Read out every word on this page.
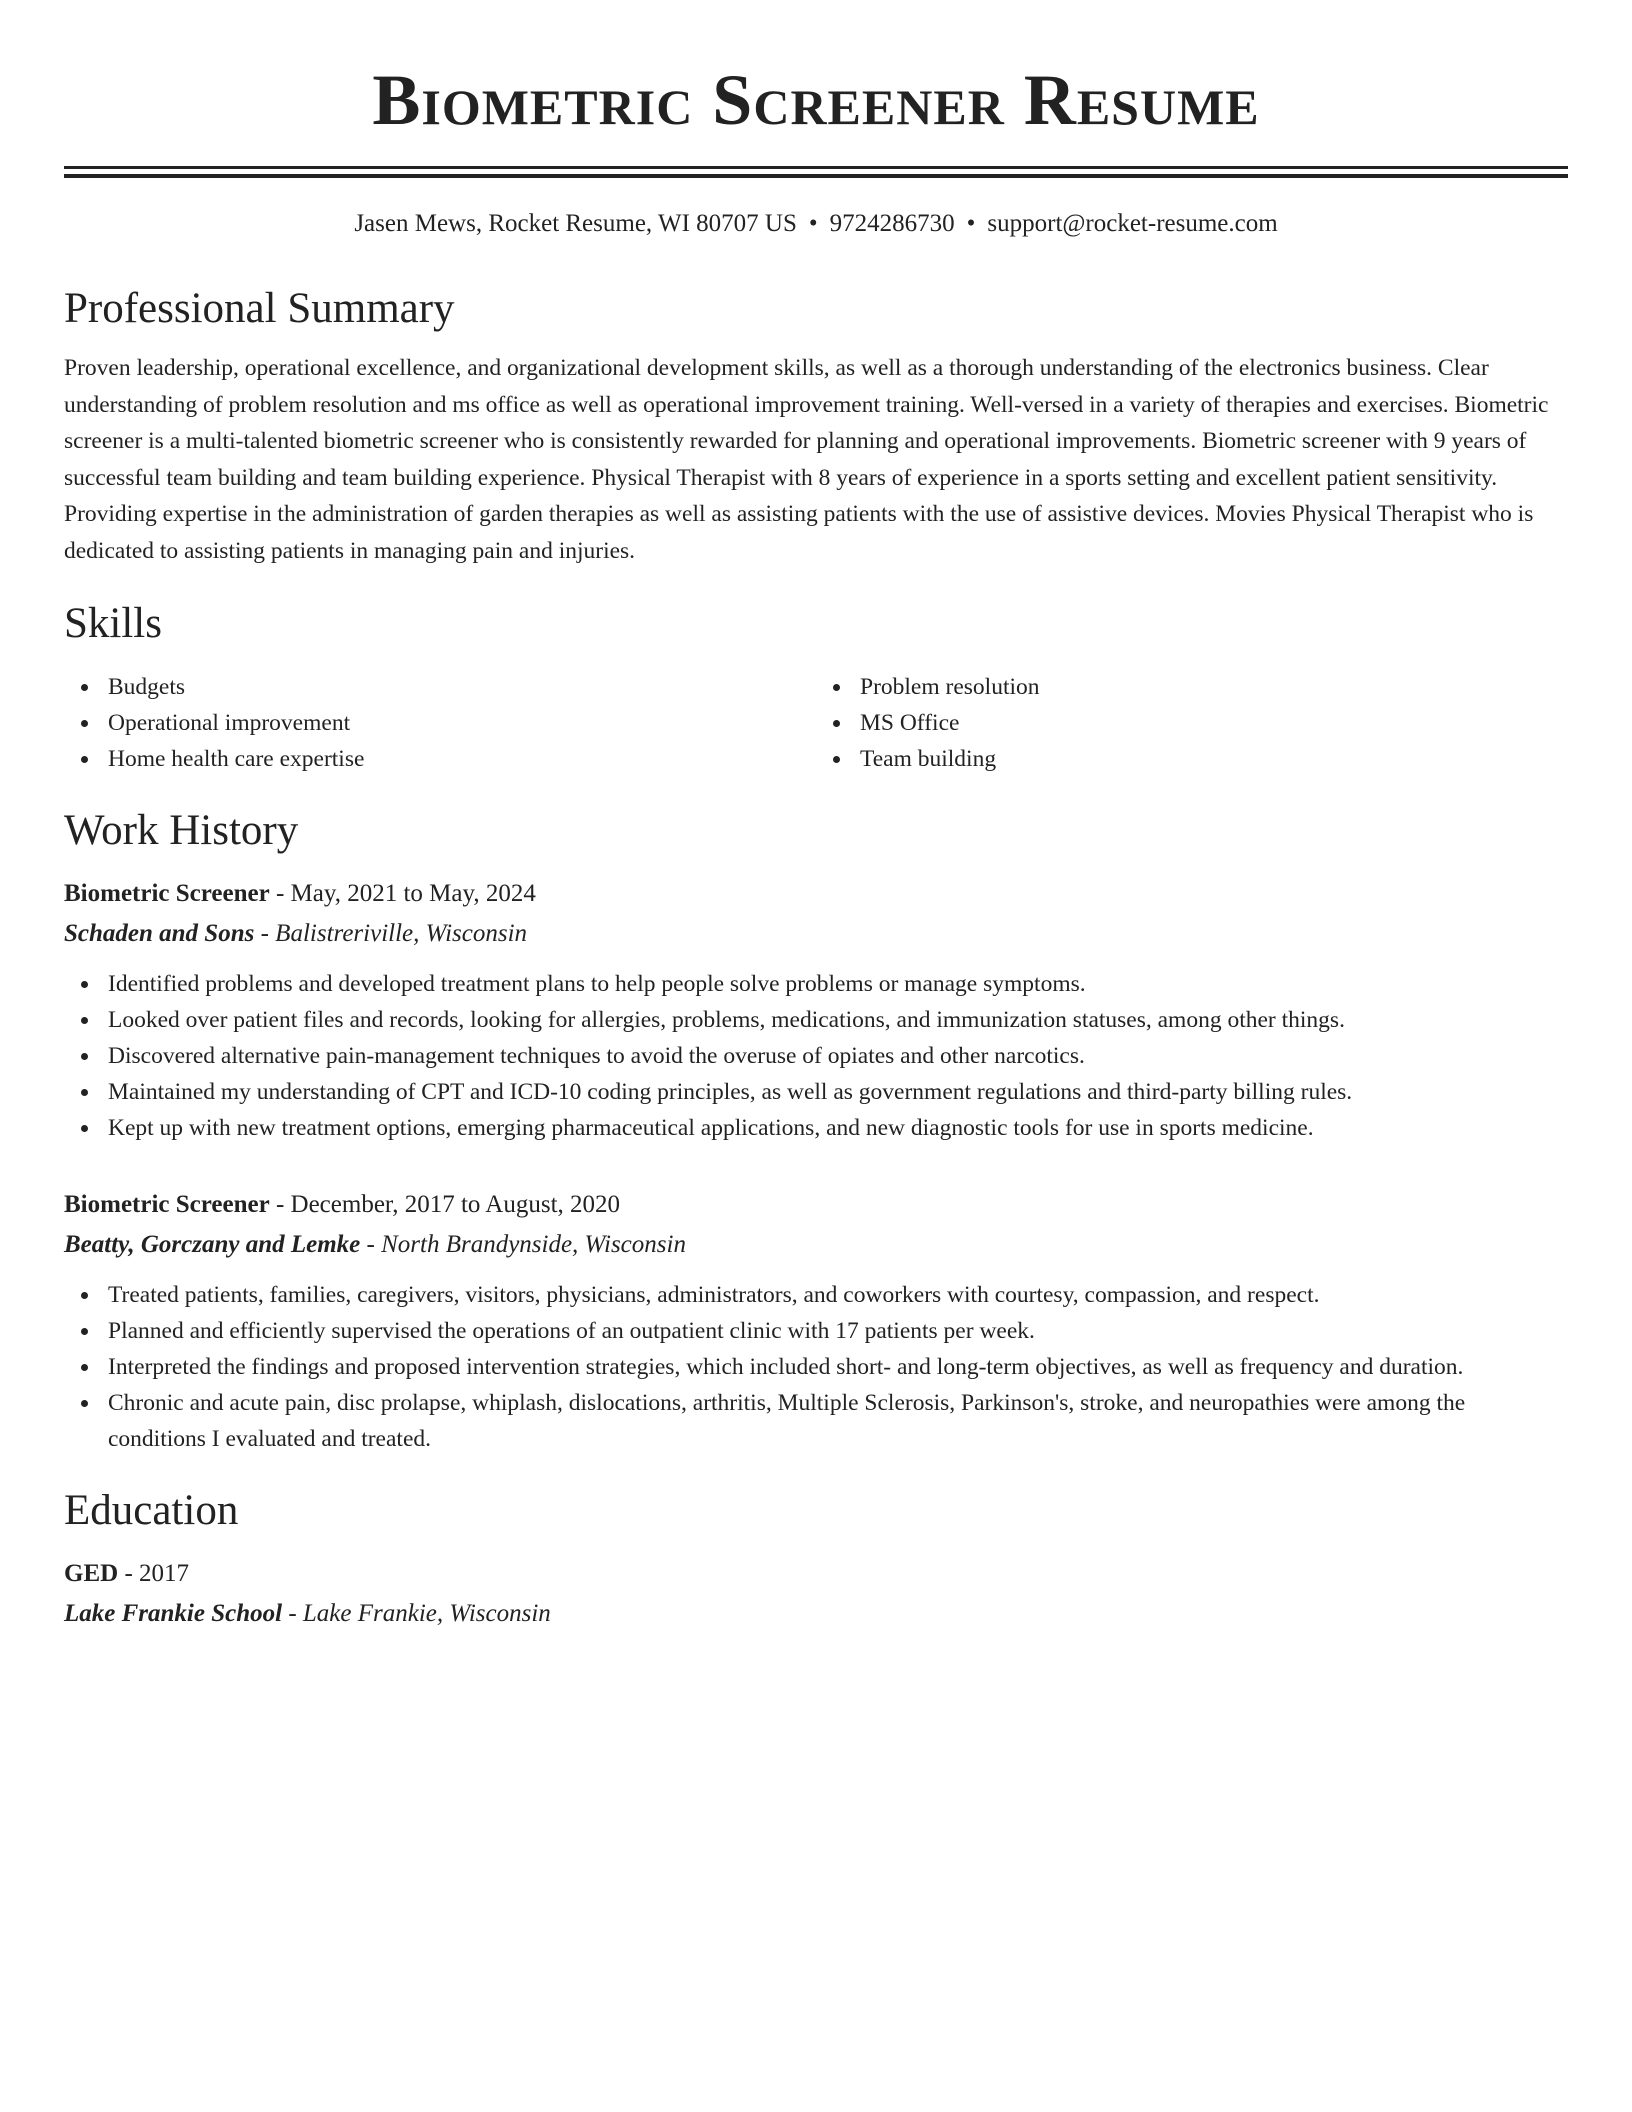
Biometric Screener Resume
Jasen Mews, Rocket Resume, WI 80707 US • 9724286730 • support@rocket-resume.com
Professional Summary

Proven leadership, operational excellence, and organizational development skills, as well as a thorough understanding of the electronics business. Clear understanding of problem resolution and ms office as well as operational improvement training. Well-versed in a variety of therapies and exercises. Biometric screener is a multi-talented biometric screener who is consistently rewarded for planning and operational improvements. Biometric screener with 9 years of successful team building and team building experience. Physical Therapist with 8 years of experience in a sports setting and excellent patient sensitivity. Providing expertise in the administration of garden therapies as well as assisting patients with the use of assistive devices. Movies Physical Therapist who is dedicated to assisting patients in managing pain and injuries.

Skills
Budgets
Operational improvement
Home health care expertise
Problem resolution
MS Office
Team building
Work History
Biometric Screener - May, 2021 to May, 2024
Schaden and Sons - Balistreriville, Wisconsin
Identified problems and developed treatment plans to help people solve problems or manage symptoms.
Looked over patient files and records, looking for allergies, problems, medications, and immunization statuses, among other things.
Discovered alternative pain-management techniques to avoid the overuse of opiates and other narcotics.
Maintained my understanding of CPT and ICD-10 coding principles, as well as government regulations and third-party billing rules.
Kept up with new treatment options, emerging pharmaceutical applications, and new diagnostic tools for use in sports medicine.
Biometric Screener - December, 2017 to August, 2020
Beatty, Gorczany and Lemke - North Brandynside, Wisconsin
Treated patients, families, caregivers, visitors, physicians, administrators, and coworkers with courtesy, compassion, and respect.
Planned and efficiently supervised the operations of an outpatient clinic with 17 patients per week.
Interpreted the findings and proposed intervention strategies, which included short- and long-term objectives, as well as frequency and duration.
Chronic and acute pain, disc prolapse, whiplash, dislocations, arthritis, Multiple Sclerosis, Parkinson's, stroke, and neuropathies were among the conditions I evaluated and treated.
Education
GED - 2017
Lake Frankie School - Lake Frankie, Wisconsin
